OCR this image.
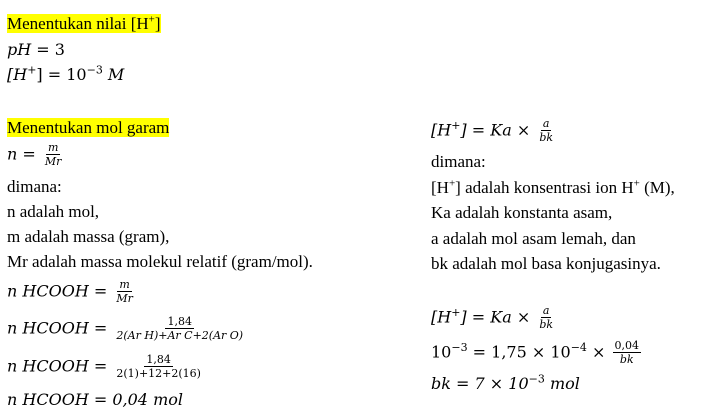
Menentukan nilai [H+]
pH = 3
$[H^+] = 10^{-3}$ M
Menentukan mol garam
$n = \frac{m}{Mr}$
dimana:
n adalah mol,
m adalah massa (gram),
Mr adalah massa molekul relatif (gram/mol).
n HCOOH = $\frac{m}{Mr}$
n HCOOH = $\frac{1,84}{\text{2(Ar H)+Ar C+2(Ar O)}}$
n HCOOH = $\frac{1,84}{2(1)+12+2(16)}$
n HCOOH = 0,04 mol
$[H^+] = Ka \times \frac{a}{bk}$
dimana:
[H+] adalah konsentrasi ion H+ (M),
Ka adalah konstanta asam,
a adalah mol asam lemah, dan
bk adalah mol basa konjugasinya.
$[H^+] = Ka \times \frac{a}{bk}$
$10^{-3} = 1,75 \times 10^{-4} \times \frac{0,04}{bk}$
bk = $7 \times 10^{-3}$ mol
